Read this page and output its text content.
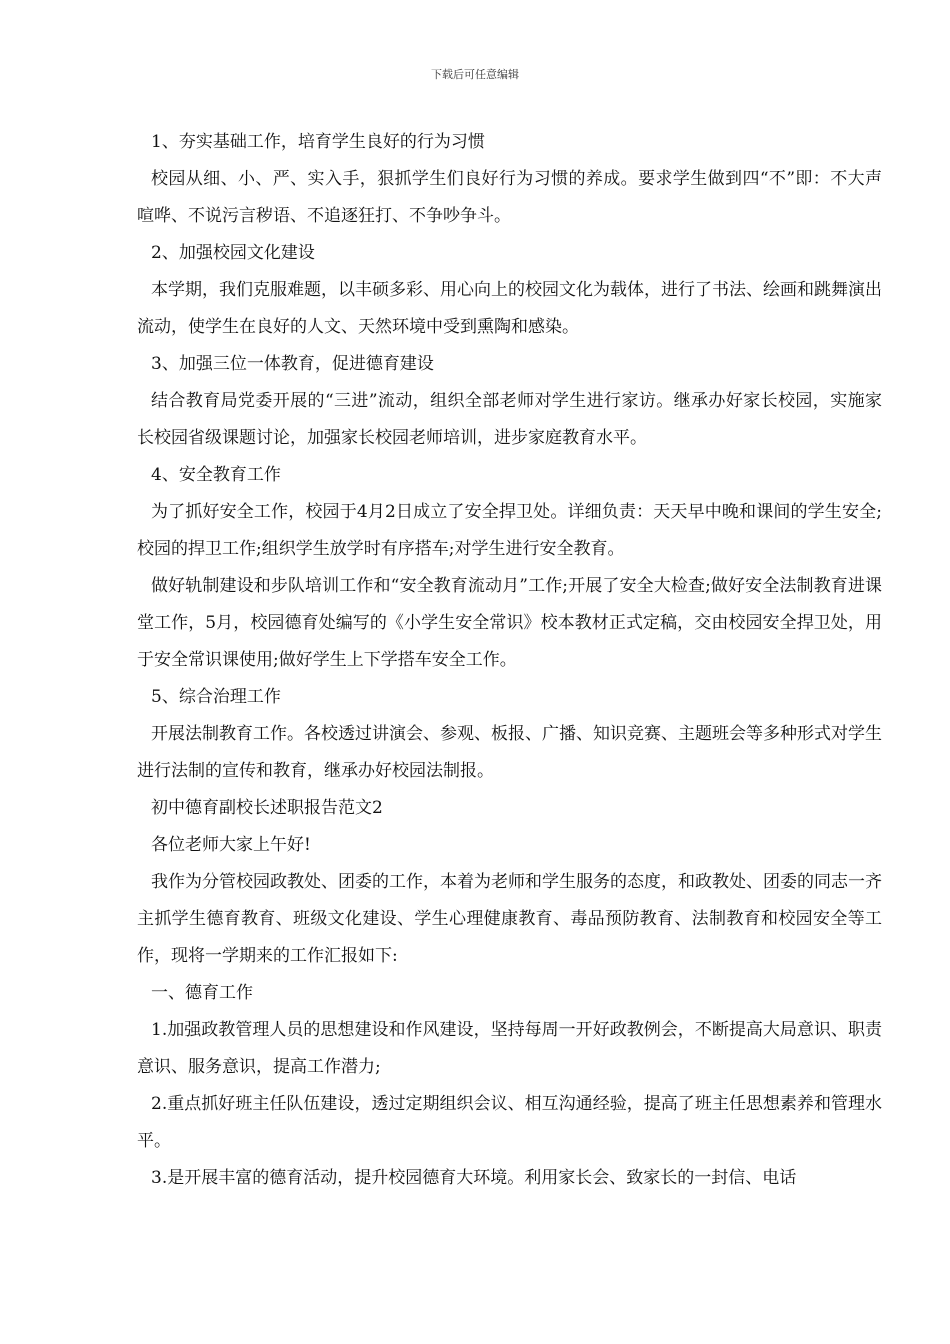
下载后可任意编辑

1、夯实基础工作，培育学生良好的行为习惯

校园从细、小、严、实入手，狠抓学生们良好行为习惯的养成。要求学生做到四“不”即：不大声喧哗、不说污言秽语、不追逐狂打、不争吵争斗。

2、加强校园文化建设

本学期，我们克服难题，以丰硕多彩、用心向上的校园文化为载体，进行了书法、绘画和跳舞演出流动，使学生在良好的人文、天然环境中受到熏陶和感染。

3、加强三位一体教育，促进德育建设

结合教育局党委开展的“三进”流动，组织全部老师对学生进行家访。继承办好家长校园，实施家长校园省级课题讨论，加强家长校园老师培训，进步家庭教育水平。

4、安全教育工作

为了抓好安全工作，校园于4月2日成立了安全捍卫处。详细负责：天天早中晚和课间的学生安全;校园的捍卫工作;组织学生放学时有序搭车;对学生进行安全教育。

做好轨制建设和步队培训工作和“安全教育流动月”工作;开展了安全大检查;做好安全法制教育进课堂工作，5月，校园德育处编写的《小学生安全常识》校本教材正式定稿，交由校园安全捍卫处，用于安全常识课使用;做好学生上下学搭车安全工作。

5、综合治理工作

开展法制教育工作。各校透过讲演会、参观、板报、广播、知识竞赛、主题班会等多种形式对学生进行法制的宣传和教育，继承办好校园法制报。

初中德育副校长述职报告范文2

各位老师大家上午好!

我作为分管校园政教处、团委的工作，本着为老师和学生服务的态度，和政教处、团委的同志一齐主抓学生德育教育、班级文化建设、学生心理健康教育、毒品预防教育、法制教育和校园安全等工作，现将一学期来的工作汇报如下:

一、德育工作

1.加强政教管理人员的思想建设和作风建设，坚持每周一开好政教例会，不断提高大局意识、职责意识、服务意识，提高工作潜力;

2.重点抓好班主任队伍建设，透过定期组织会议、相互沟通经验，提高了班主任思想素养和管理水平。

3.是开展丰富的德育活动，提升校园德育大环境。利用家长会、致家长的一封信、电话
